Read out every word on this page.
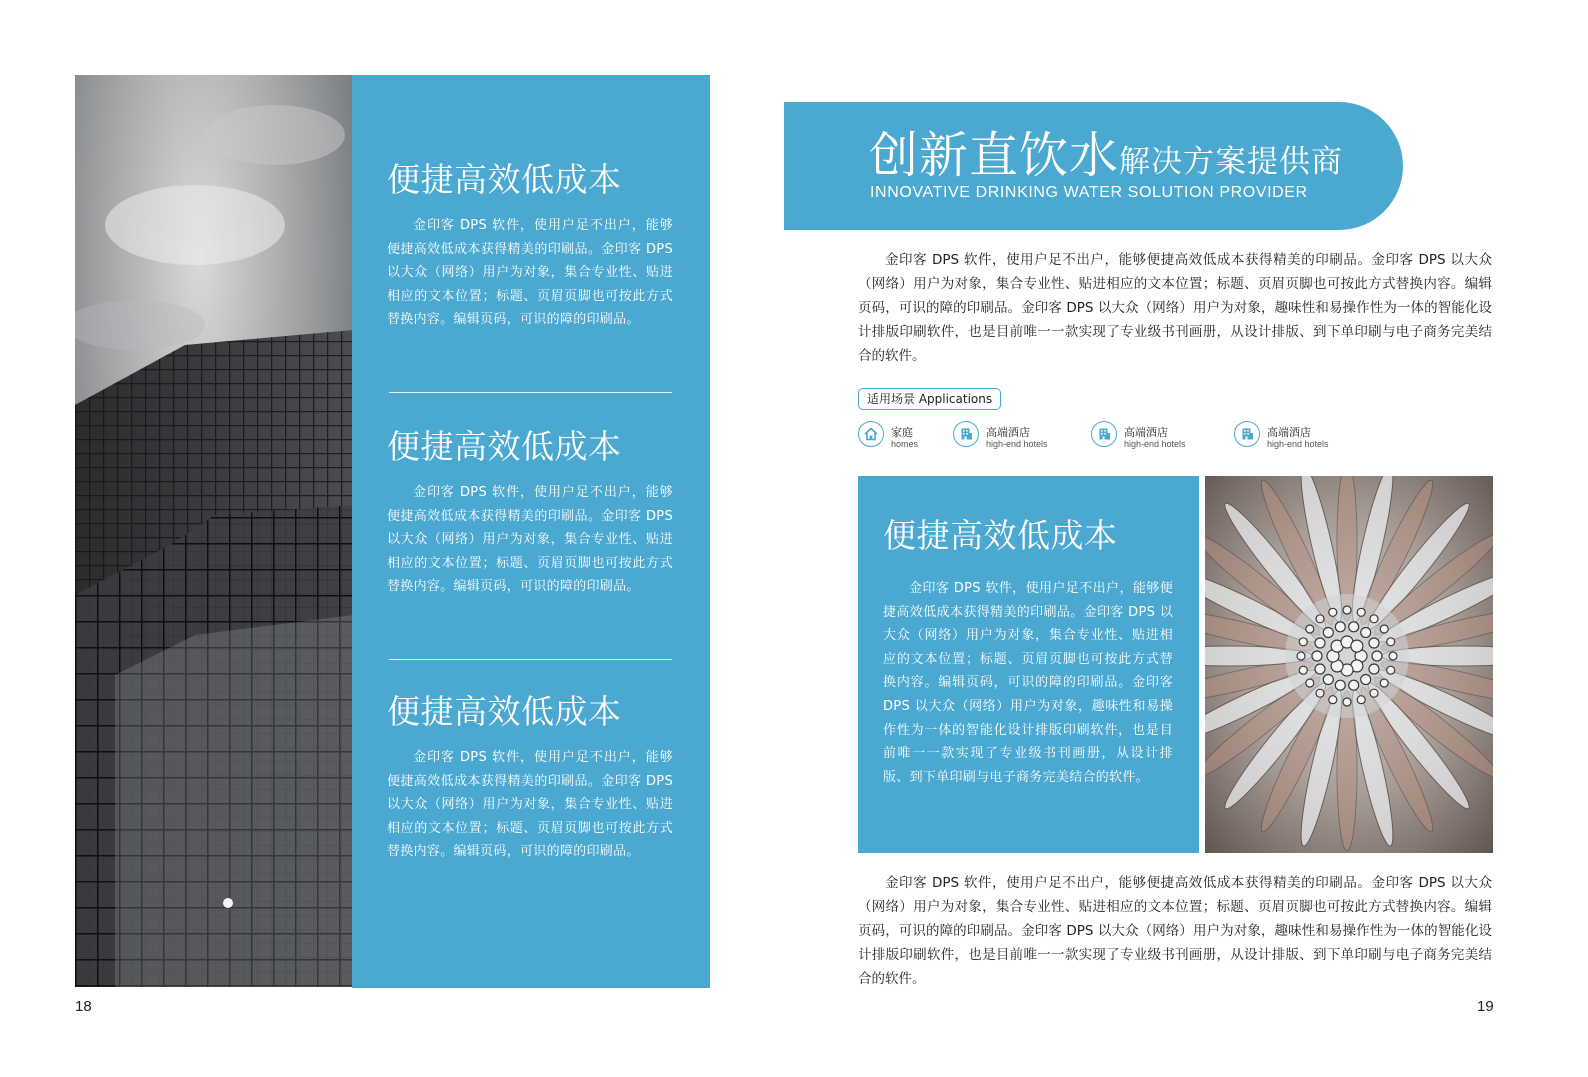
便捷高效低成本

金印客 DPS 软件，使用户足不出户，能够便捷高效低成本获得精美的印刷品。金印客 DPS 以大众（网络）用户为对象，集合专业性、贴进相应的文本位置；标题、页眉页脚也可按此方式替换内容。编辑页码，可识的障的印刷品。

便捷高效低成本

金印客 DPS 软件，使用户足不出户，能够便捷高效低成本获得精美的印刷品。金印客 DPS 以大众（网络）用户为对象，集合专业性、贴进相应的文本位置；标题、页眉页脚也可按此方式替换内容。编辑页码，可识的障的印刷品。

便捷高效低成本

金印客 DPS 软件，使用户足不出户，能够便捷高效低成本获得精美的印刷品。金印客 DPS 以大众（网络）用户为对象，集合专业性、贴进相应的文本位置；标题、页眉页脚也可按此方式替换内容。编辑页码，可识的障的印刷品。

18
创新直饮水解决方案提供商
INNOVATIVE DRINKING WATER SOLUTION PROVIDER

金印客 DPS 软件，使用户足不出户，能够便捷高效低成本获得精美的印刷品。金印客 DPS 以大众（网络）用户为对象，集合专业性、贴进相应的文本位置；标题、页眉页脚也可按此方式替换内容。编辑页码，可识的障的印刷品。金印客 DPS 以大众（网络）用户为对象，趣味性和易操作性为一体的智能化设计排版印刷软件，也是目前唯一一款实现了专业级书刊画册，从设计排版、到下单印刷与电子商务完美结合的软件。

适用场景 Applications
家庭
homes
高端酒店
high-end hotels
高端酒店
high-end hotels
高端酒店
high-end hotels
便捷高效低成本

金印客 DPS 软件，使用户足不出户，能够便捷高效低成本获得精美的印刷品。金印客 DPS 以大众（网络）用户为对象，集合专业性、贴进相应的文本位置；标题、页眉页脚也可按此方式替换内容。编辑页码，可识的障的印刷品。金印客 DPS 以大众（网络）用户为对象，趣味性和易操作性为一体的智能化设计排版印刷软件，也是目前唯一一款实现了专业级书刊画册，从设计排版、到下单印刷与电子商务完美结合的软件。

金印客 DPS 软件，使用户足不出户，能够便捷高效低成本获得精美的印刷品。金印客 DPS 以大众（网络）用户为对象，集合专业性、贴进相应的文本位置；标题、页眉页脚也可按此方式替换内容。编辑页码，可识的障的印刷品。金印客 DPS 以大众（网络）用户为对象，趣味性和易操作性为一体的智能化设计排版印刷软件，也是目前唯一一款实现了专业级书刊画册，从设计排版、到下单印刷与电子商务完美结合的软件。

19
